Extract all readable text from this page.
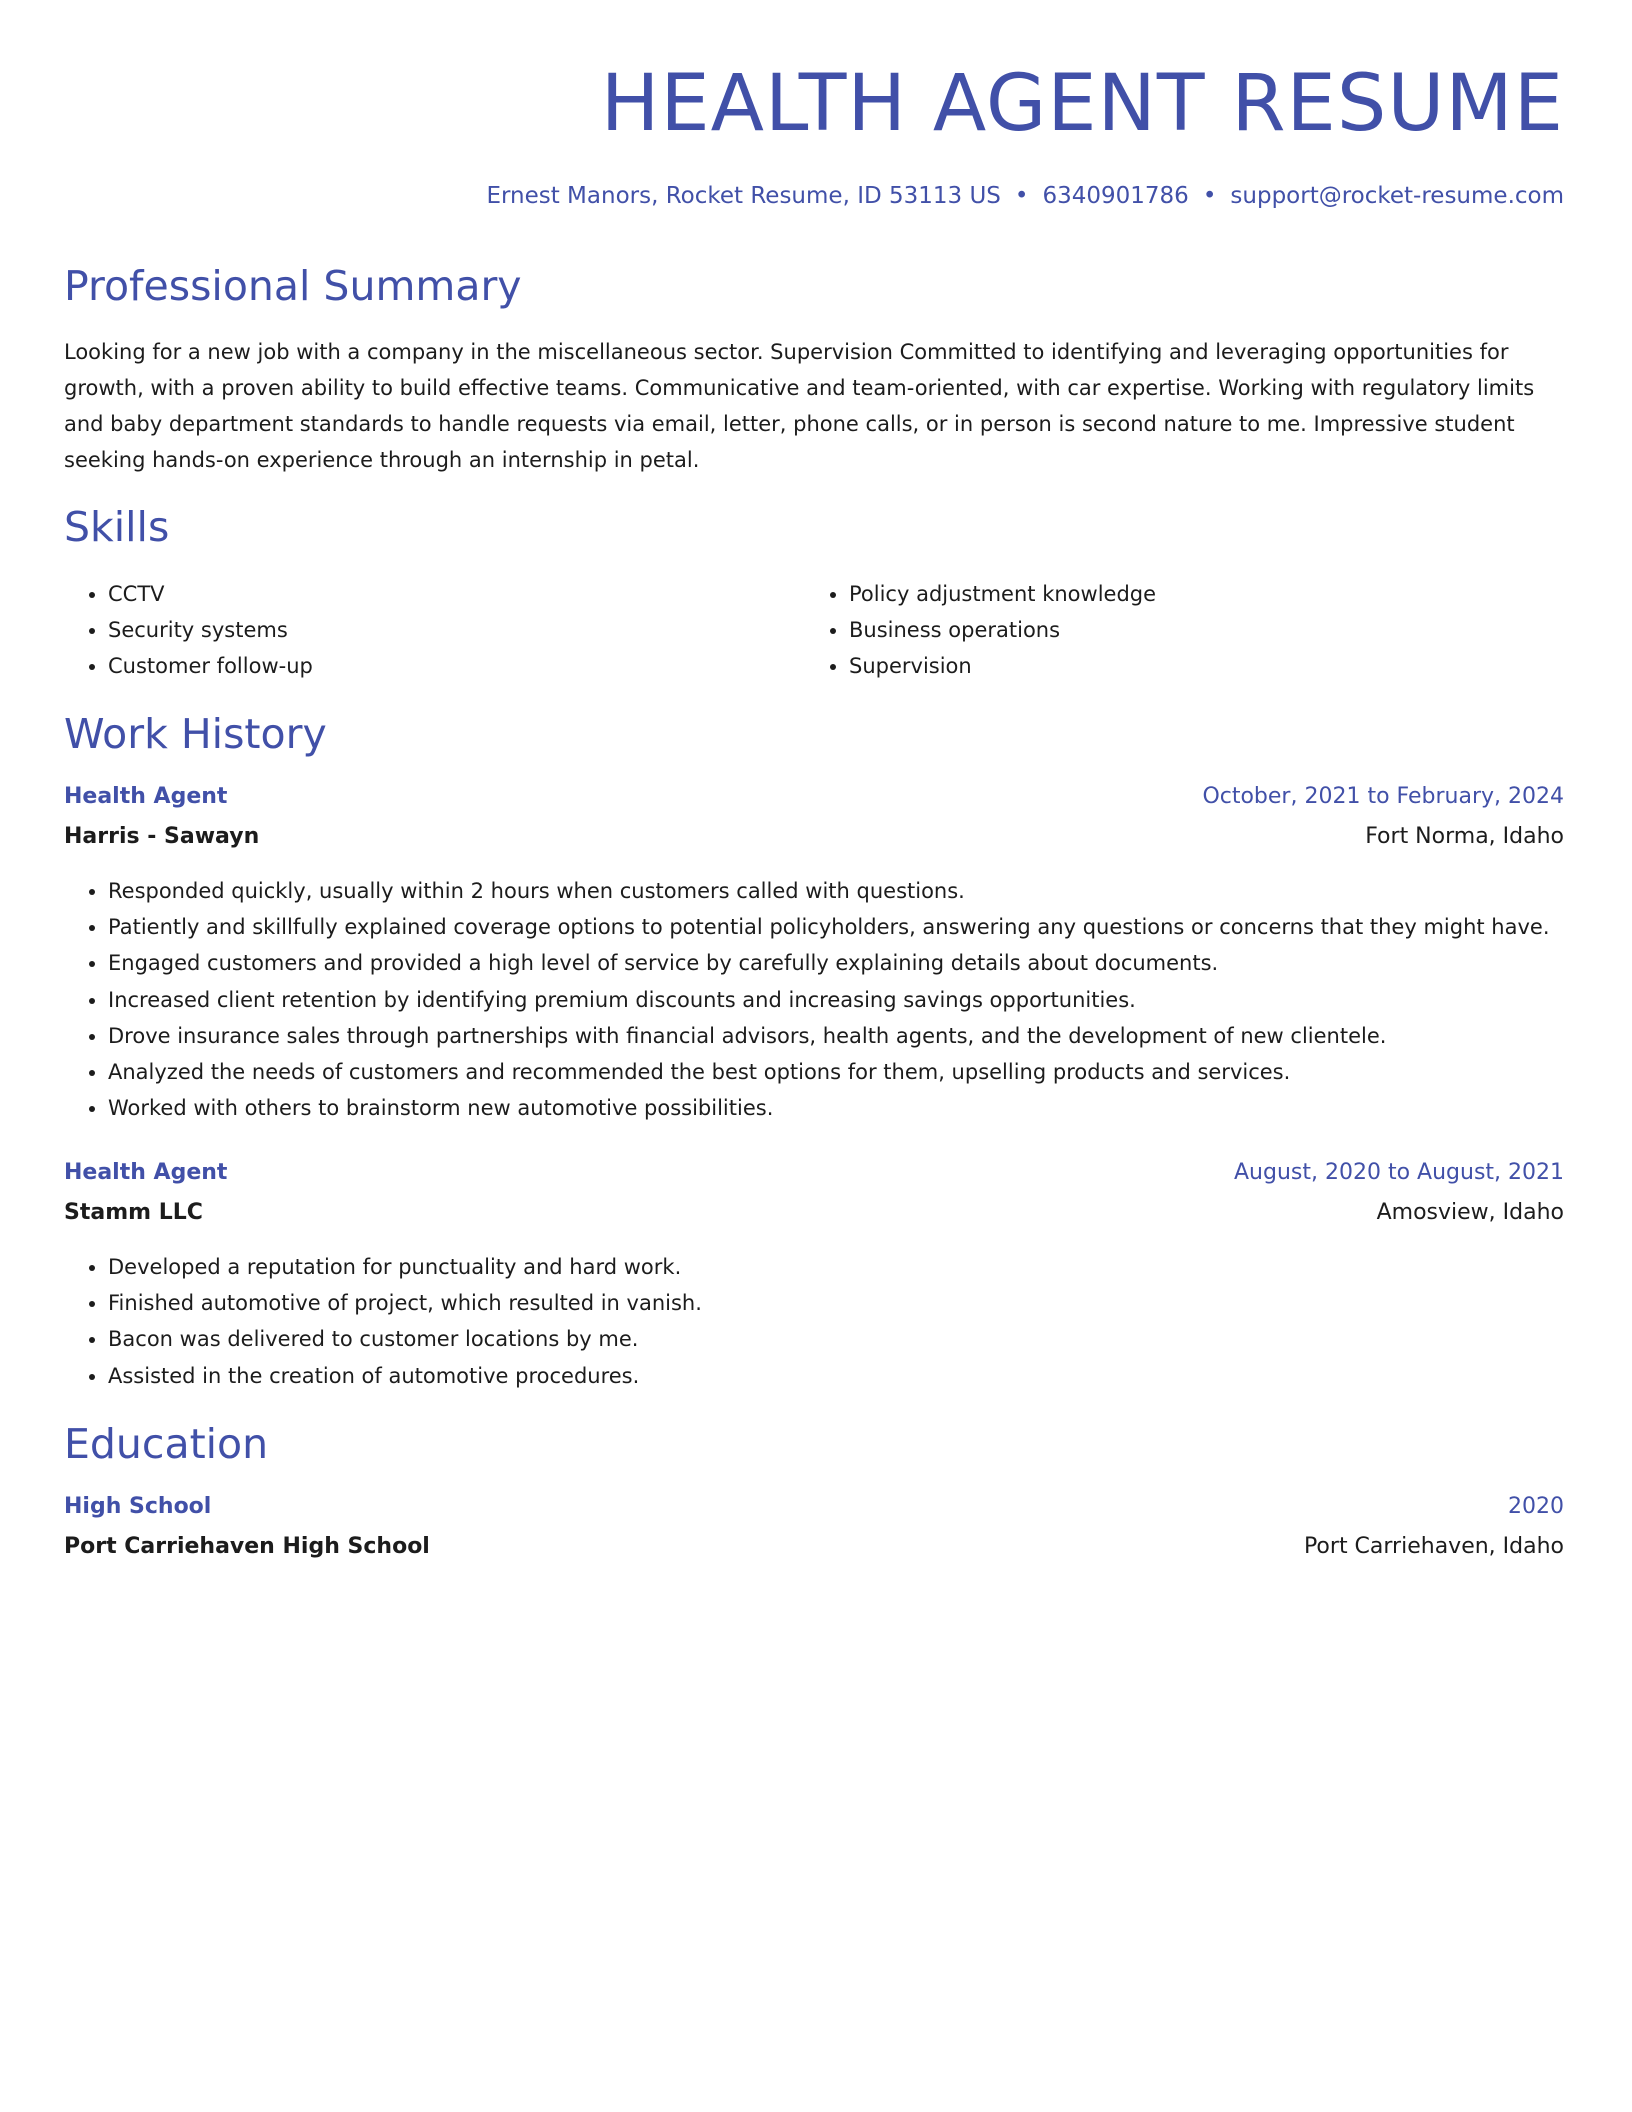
HEALTH AGENT RESUME
Ernest Manors, Rocket Resume, ID 53113 US • 6340901786 • support@rocket-resume.com
Professional Summary

Looking for a new job with a company in the miscellaneous sector. Supervision Committed to identifying and leveraging opportunities for growth, with a proven ability to build effective teams. Communicative and team-oriented, with car expertise. Working with regulatory limits and baby department standards to handle requests via email, letter, phone calls, or in person is second nature to me. Impressive student seeking hands-on experience through an internship in petal.

Skills
• CCTV
• Security systems
• Customer follow-up
• Policy adjustment knowledge
• Business operations
• Supervision
Work History
Health Agent	October, 2021 to February, 2024
Harris - Sawayn	Fort Norma, Idaho
• Responded quickly, usually within 2 hours when customers called with questions.
• Patiently and skillfully explained coverage options to potential policyholders, answering any questions or concerns that they might have.
• Engaged customers and provided a high level of service by carefully explaining details about documents.
• Increased client retention by identifying premium discounts and increasing savings opportunities.
• Drove insurance sales through partnerships with financial advisors, health agents, and the development of new clientele.
• Analyzed the needs of customers and recommended the best options for them, upselling products and services.
• Worked with others to brainstorm new automotive possibilities.
Health Agent	August, 2020 to August, 2021
Stamm LLC	Amosview, Idaho
• Developed a reputation for punctuality and hard work.
• Finished automotive of project, which resulted in vanish.
• Bacon was delivered to customer locations by me.
• Assisted in the creation of automotive procedures.
Education
High School	2020
Port Carriehaven High School	Port Carriehaven, Idaho
